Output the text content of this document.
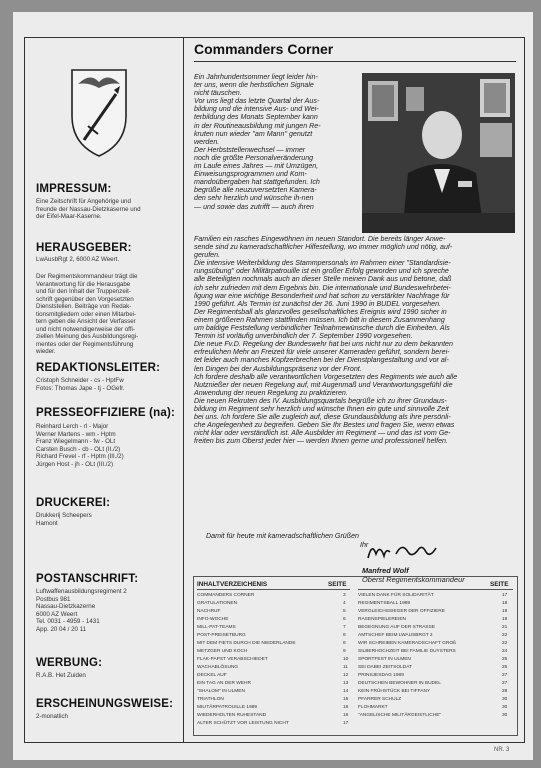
IMPRESSUM:
Eine Zeitschrift für Angehörige und
freunde der Nassau-Dietzkaserne und
der Eifel-Maar-Kaserne.
HERAUSGEBER:
LwAusbRgt 2, 6000 AZ Weert.
Der Regimentskommandeur trägt die
Verantwortung für die Herausgabe
und für den Inhalt der Truppenzeit-
schrift gegenüber den Vorgesetzten
Dienststellen. Beiträge von Redak-
tionsmitgliedern oder einen Mitarbei-
tern geben die Ansicht der Verfasser
und nicht notwendigerweise der offi-
ziellen Meinung des Ausbildungsregi-
mentes oder der Regimentsführung
wieder.
REDAKTIONSLEITER:
Cristoph Schneider - cs - HptFw
Fotos: Thomas Jape - tj - OGefr.
PRESSEOFFIZIERE (na):
Reinhard Lerch - rl - Major
Werner Martens - wm - Hptm
Franz Wiegelmann - fw - OLt
Carsten Busch - cb - OLt (II./2)
Richard Frevel - rf - Hptm (III./2)
Jürgen Host - jh - OLt (III./2)
DRUCKEREI:
Drukkerij Scheepers
Hamont
POSTANSCHRIFT:
Luftwaffenausbildungsregiment 2
Postbus 981
Nassau-Dietzkazerne
6000 AZ Weert
Tel. 0031 - 4959 - 1431
App. 20 04 / 20 11
WERBUNG:
R.A.B. Het Zuiden
ERSCHEINUNGSWEISE:
2-monatlich
Commanders Corner
Ein Jahrhundertsommer liegt leider hin-
ter uns, wenn die herbstlichen Signale
nicht täuschen.
Vor uns liegt das letzte Quartal der Aus-
bildung und die intensive Aus- und Wei-
terbildung des Monats September kann
in der Routineausbildung mit jungen Re-
kruten nun wieder "am Mann" genutzt
werden.
Der Herbststellenwechsel — immer
noch die größte Personalveränderung
im Laufe eines Jahres — mit Umzügen,
Einweisungsprogrammen und Kom-
mandoübergaben hat stattgefunden. Ich
begrüße alle neuzuversetzten Kamera-
den sehr herzlich und wünsche ih-nen
— und sowie das zutrifft — auch ihren
Familien ein rasches Eingewöhnen im neuen Standort. Die bereits länger Anwe-
sende sind zu kameradschaftlicher Hilfestellung, wo immer möglich und nötig, auf-
gerufen.
Die intensive Weiterbildung des Stammpersonals im Rahmen einer "Standardisie-
rungsübung" oder Militärpatrouille ist ein großer Erfolg geworden und ich spreche
alle Beteiligten nochmals auch an dieser Stelle meinen Dank aus und betone, daß
ich sehr zufrieden mit dem Ergebnis bin. Die internationale und Bundeswehrbetei-
ligung war eine wichtige Besonderheit und hat schon zu verstärkter Nachfrage für
1990 geführt. Als Termin ist zunächst der 26. Juni 1990 in BUDEL vorgesehen.
Der Regimentsball als glanzvolles gesellschaftliches Ereignis wird 1990 sicher in
einem größeren Rahmen stattfinden müssen. Ich bitt in diesem Zusammenhang
um baldige Feststellung verbindlicher Teilnahmewünsche durch die Einheiten. Als
Termin ist vorläufig unverbindlich der 7. September 1990 vorgesehen.
Die neue Fv.D. Regelung der Bundeswehr hat bei uns nicht nur zu dem bekannten
erfreulichen Mehr an Freizeit für viele unserer Kameraden geführt, sondern berei-
tet leider auch manches Kopfzerbrechen bei der Dienstplangestaltung und vor al-
len Dingen bei der Ausbildungspräsenz vor der Front.
Ich fordere deshalb alle verantwortlichen Vorgesetzten des Regiments wie auch alle
Nutznießer der neuen Regelung auf, mit Augenmaß und Verantwortungsgefühl die
Anwendung der neuen Regelung zu praktizieren.
Die neuen Rekruten des IV. Ausbildungsquartals begrüße ich zu ihrer Grundaus-
bildung im Regiment sehr herzlich und wünsche Ihnen ein gute und sinnvolle Zeit
bei uns. Ich fordere Sie alle zugleich auf, diese Grundausbildung als ihre persönli-
che Angelegenheit zu begreifen. Geben Sie Ihr Bestes und fragen Sie, wenn etwas
nicht klar oder verständlich ist. Alle Ausbilder im Regiment — und das ist vom Ge-
freiten bis zum Oberst jeder hier — werden Ihnen gerne und professionell helfen.
Damit für heute mit kameradschaftlichen Grüßen
Ihr
Manfred Wolf
Oberst Regimentskommandeur
INHALTVERZEICHENIS	SEITE	SEITE
COMMANDERS CORNER	3
GRATULATIONEN	4
NACHRUF	5
INFO-WOCHE	6
MILL-PAT-TEAMS	7
POST-PREISETBURG	8
MIT DEM FIETS DURCH DIE NIEDERLANDE	8
METZGER UND KOCH	9
FLAK-PAPST VERABSCHIEDET	10
WACHABLÖSUNG	11
DECKEL AUF	12
EIN TAG AN DER WEHR	13
"SHALOM" IN ULMEN	14
TRIATHLON	15
MILITÄRPATROUILLE 1989	16
WIEDERHOLTEN RUHESTAND	16
ALTER SCHÜTZT VOR LEISTUNG NICHT	17
VIELEN DANK FÜR SOLIDARITÄT	17
REGIMENTSBALL 1989	18
VERGLEICHSSIEGER DER OFFIZIERE	19
RASENSPIELEREIEN	19
BEGEGNUNG AUF DER STRASSE	21
AMTSCHEF BEIM LWAUSBRGT 2	22
WIR SCHREIBEN KAMERADSCHAFT GROß	22
SILBERHOCHZEIT BEI FAMILIE DUYSTERS	24
SPORTFEST IN ULMEN	25
SEI DABEI ZEITSOLDAT	25
PRINSJESDAG 1989	27
DEUTSCHEN BEWOHNER IN BUDEL	27
KEIN FRÜHSTÜCK BEI TIFFANY	28
PFARRER SCHULZ	30
FLOHMARKT	30
"ANGELISCHE MILITÄRGEISTLICHE"	30
NR. 3
